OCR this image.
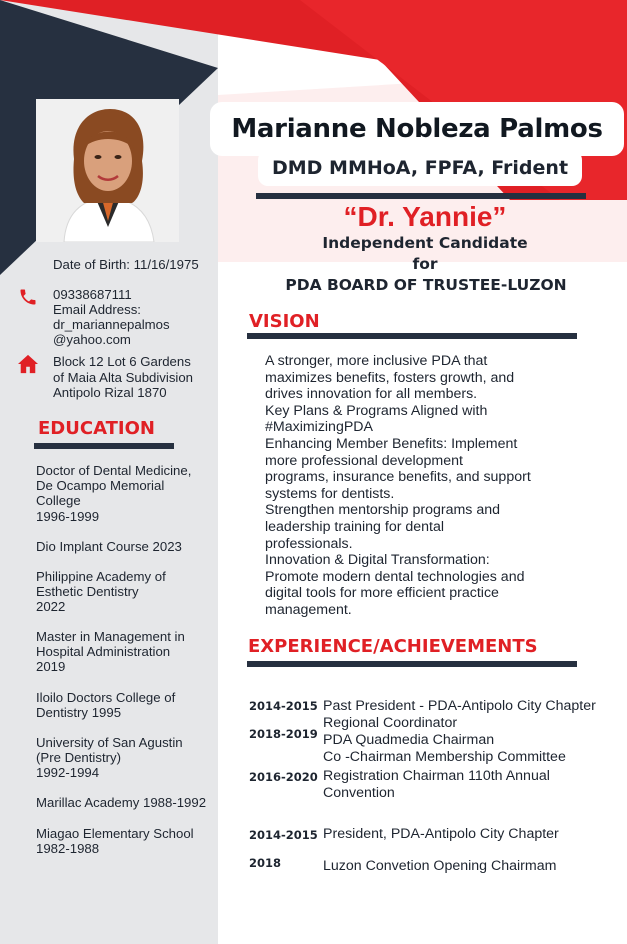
Marianne Nobleza Palmos
DMD MMHoA, FPFA, Frident
“Dr. Yannie”
Independent Candidate
for
PDA BOARD OF TRUSTEE-LUZON
Date of Birth: 11/16/1975
09338687111
Email Address:
dr_mariannepalmos
@yahoo.com
Block 12 Lot 6 Gardens
of Maia Alta Subdivision
Antipolo Rizal 1870
EDUCATION
Doctor of Dental Medicine,
De Ocampo Memorial
College
1996-1999
Dio Implant Course 2023
Philippine Academy of
Esthetic Dentistry
2022
Master in Management in
Hospital Administration
2019
Iloilo Doctors College of
Dentistry 1995
University of San Agustin
(Pre Dentistry)
1992-1994
Marillac Academy 1988-1992
Miagao Elementary School
1982-1988
VISION
A stronger, more inclusive PDA that
maximizes benefits, fosters growth, and
drives innovation for all members.
Key Plans & Programs Aligned with
#MaximizingPDA
Enhancing Member Benefits: Implement
more professional development
programs, insurance benefits, and support
systems for dentists.
Strengthen mentorship programs and
leadership training for dental
professionals.
Innovation & Digital Transformation:
Promote modern dental technologies and
digital tools for more efficient practice
management.
EXPERIENCE/ACHIEVEMENTS
2014-2015 Past President - PDA-Antipolo City Chapter
2018-2019
Regional Coordinator
PDA Quadmedia Chairman
Co -Chairman Membership Committee
2016-2020 Registration Chairman 110th Annual
Convention
2014-2015 President, PDA-Antipolo City Chapter
2018	Luzon Convetion Opening Chairmam
